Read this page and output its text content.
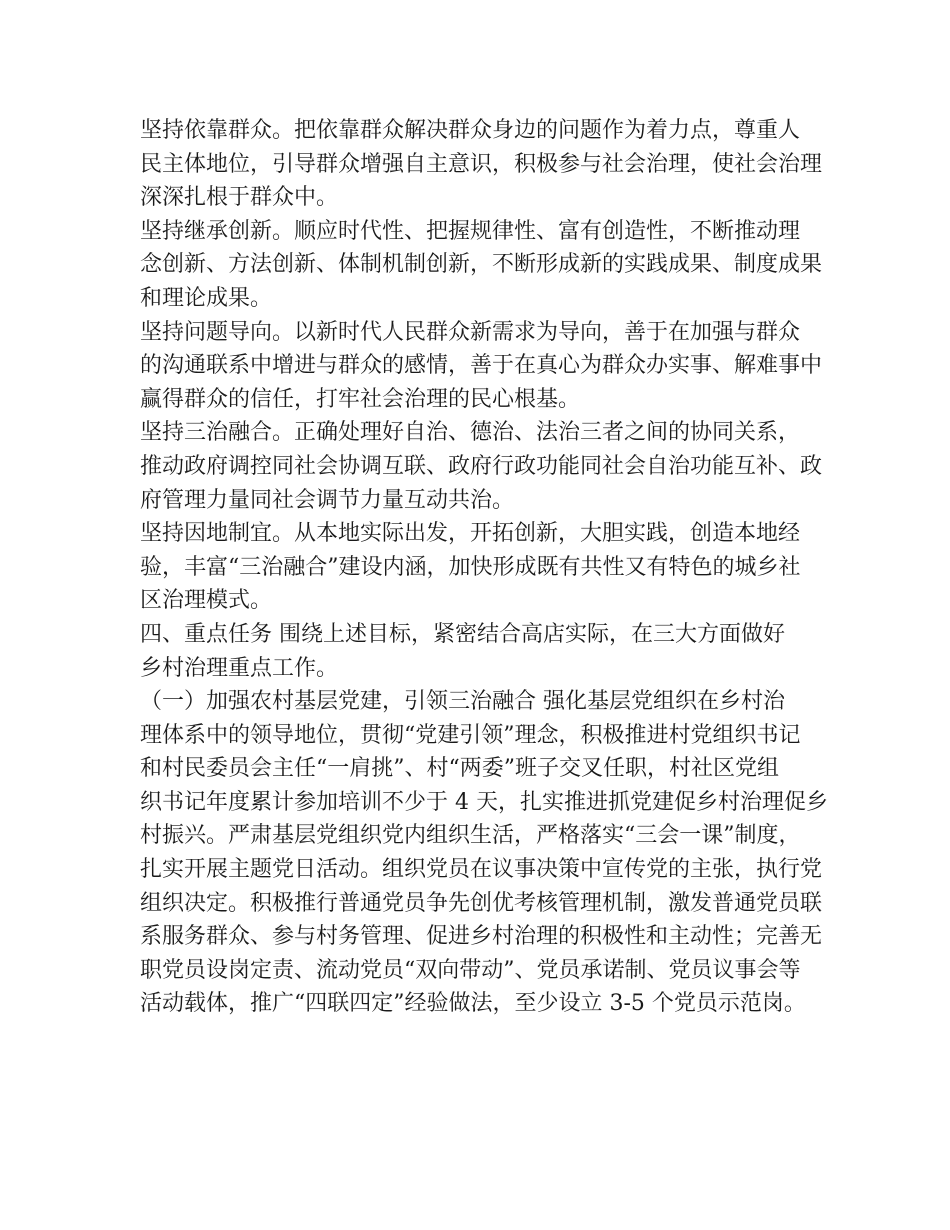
坚持依靠群众。把依靠群众解决群众身边的问题作为着力点，尊重人
民主体地位，引导群众增强自主意识，积极参与社会治理，使社会治理
深深扎根于群众中。
坚持继承创新。顺应时代性、把握规律性、富有创造性，不断推动理
念创新、方法创新、体制机制创新，不断形成新的实践成果、制度成果
和理论成果。
坚持问题导向。以新时代人民群众新需求为导向，善于在加强与群众
的沟通联系中增进与群众的感情，善于在真心为群众办实事、解难事中
赢得群众的信任，打牢社会治理的民心根基。
坚持三治融合。正确处理好自治、德治、法治三者之间的协同关系，
推动政府调控同社会协调互联、政府行政功能同社会自治功能互补、政
府管理力量同社会调节力量互动共治。
坚持因地制宜。从本地实际出发，开拓创新，大胆实践，创造本地经
验，丰富“三治融合”建设内涵，加快形成既有共性又有特色的城乡社
区治理模式。
四、重点任务 围绕上述目标，紧密结合高店实际，在三大方面做好
乡村治理重点工作。
（一）加强农村基层党建，引领三治融合 强化基层党组织在乡村治
理体系中的领导地位，贯彻“党建引领”理念，积极推进村党组织书记
和村民委员会主任“一肩挑”、村“两委”班子交叉任职，村社区党组
织书记年度累计参加培训不少于 4 天，扎实推进抓党建促乡村治理促乡
村振兴。严肃基层党组织党内组织生活，严格落实“三会一课”制度，
扎实开展主题党日活动。组织党员在议事决策中宣传党的主张，执行党
组织决定。积极推行普通党员争先创优考核管理机制，激发普通党员联
系服务群众、参与村务管理、促进乡村治理的积极性和主动性；完善无
职党员设岗定责、流动党员“双向带动”、党员承诺制、党员议事会等
活动载体，推广“四联四定”经验做法，至少设立 3-5 个党员示范岗。
